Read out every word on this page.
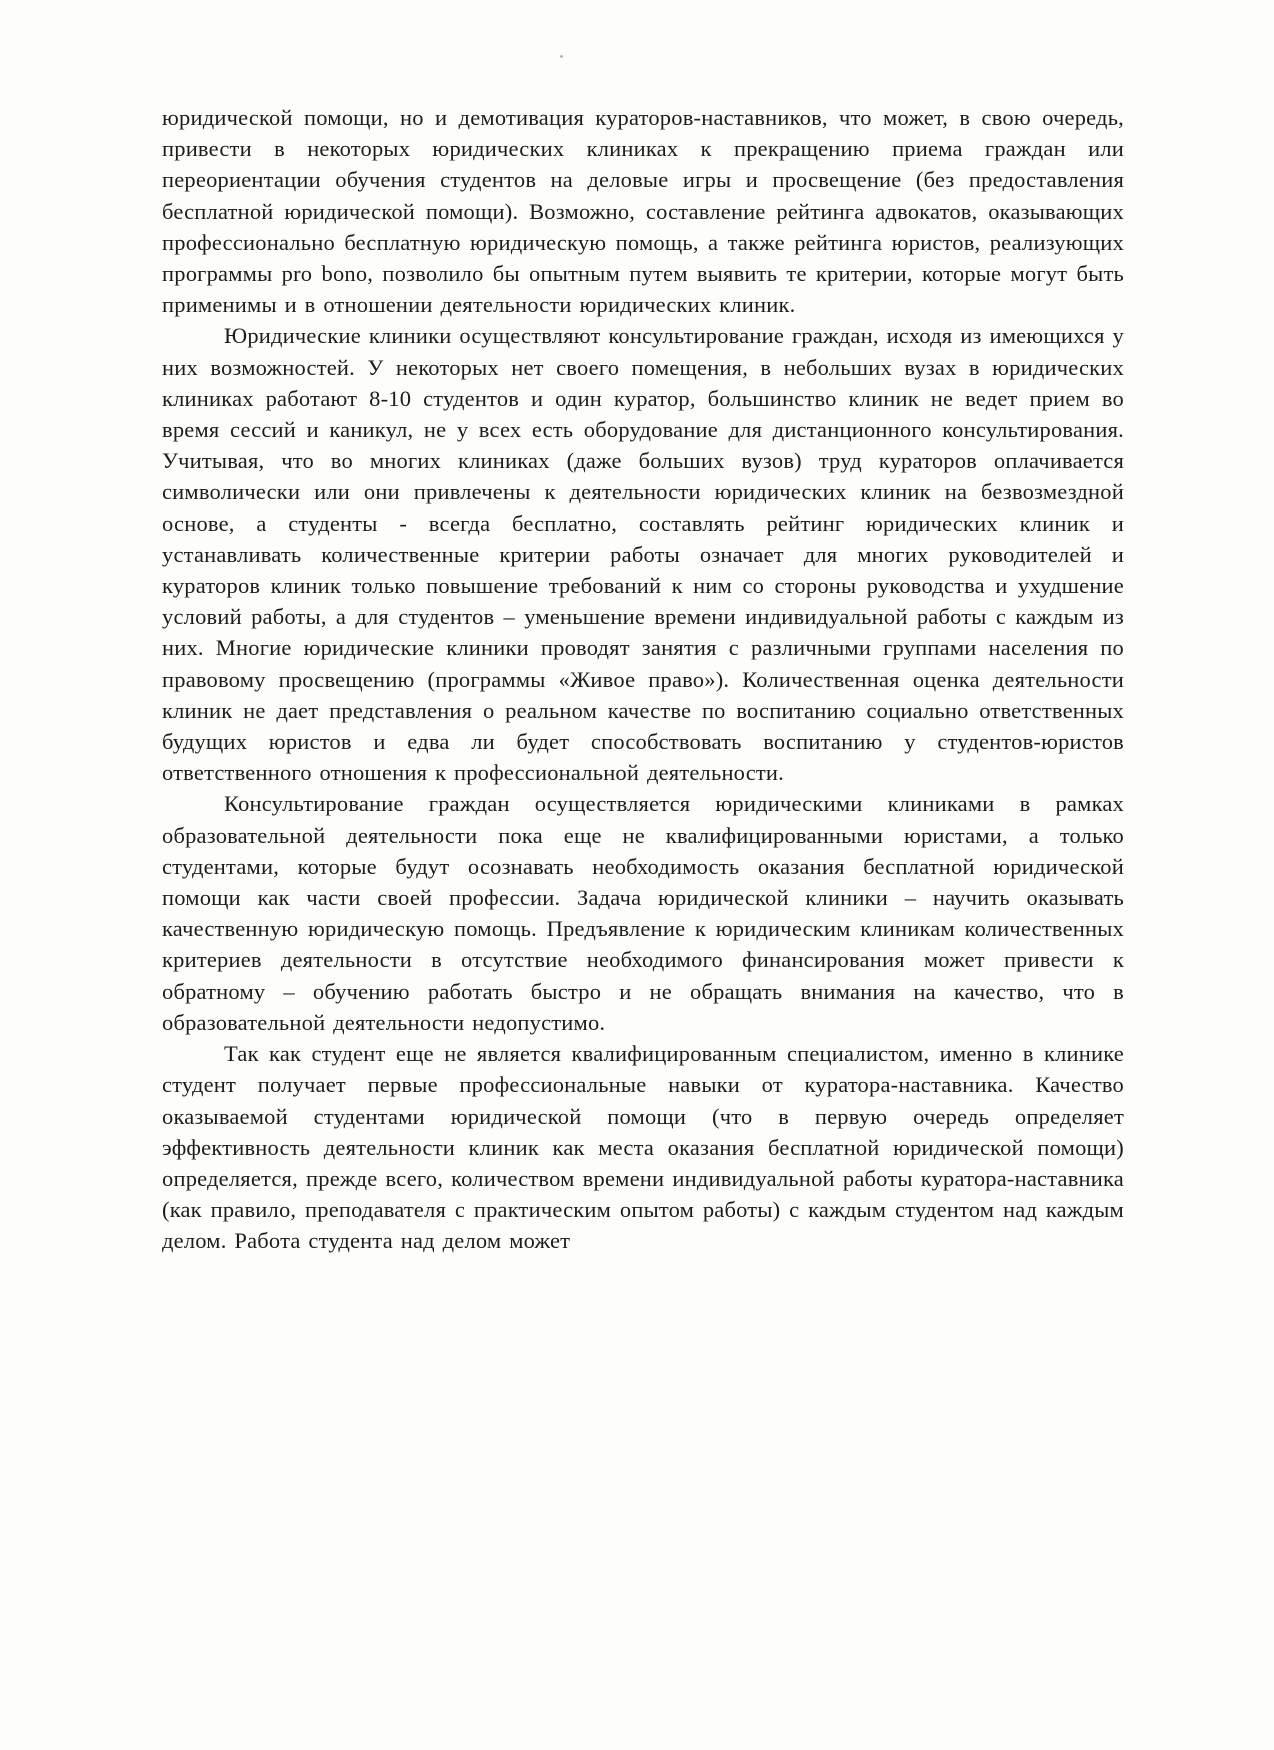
юридической помощи, но и демотивация кураторов-наставников, что может, в свою очередь, привести в некоторых юридических клиниках к прекращению приема граждан или переориентации обучения студентов на деловые игры и просвещение (без предоставления бесплатной юридической помощи). Возможно, составление рейтинга адвокатов, оказывающих профессионально бесплатную юридическую помощь, а также рейтинга юристов, реализующих программы pro bono, позволило бы опытным путем выявить те критерии, которые могут быть применимы и в отношении деятельности юридических клиник.

Юридические клиники осуществляют консультирование граждан, исходя из имеющихся у них возможностей. У некоторых нет своего помещения, в небольших вузах в юридических клиниках работают 8-10 студентов и один куратор, большинство клиник не ведет прием во время сессий и каникул, не у всех есть оборудование для дистанционного консультирования. Учитывая, что во многих клиниках (даже больших вузов) труд кураторов оплачивается символически или они привлечены к деятельности юридических клиник на безвозмездной основе, а студенты - всегда бесплатно, составлять рейтинг юридических клиник и устанавливать количественные критерии работы означает для многих руководителей и кураторов клиник только повышение требований к ним со стороны руководства и ухудшение условий работы, а для студентов – уменьшение времени индивидуальной работы с каждым из них. Многие юридические клиники проводят занятия с различными группами населения по правовому просвещению (программы «Живое право»). Количественная оценка деятельности клиник не дает представления о реальном качестве по воспитанию социально ответственных будущих юристов и едва ли будет способствовать воспитанию у студентов-юристов ответственного отношения к профессиональной деятельности.

Консультирование граждан осуществляется юридическими клиниками в рамках образовательной деятельности пока еще не квалифицированными юристами, а только студентами, которые будут осознавать необходимость оказания бесплатной юридической помощи как части своей профессии. Задача юридической клиники – научить оказывать качественную юридическую помощь. Предъявление к юридическим клиникам количественных критериев деятельности в отсутствие необходимого финансирования может привести к обратному – обучению работать быстро и не обращать внимания на качество, что в образовательной деятельности недопустимо.

Так как студент еще не является квалифицированным специалистом, именно в клинике студент получает первые профессиональные навыки от куратора-наставника. Качество оказываемой студентами юридической помощи (что в первую очередь определяет эффективность деятельности клиник как места оказания бесплатной юридической помощи) определяется, прежде всего, количеством времени индивидуальной работы куратора-наставника (как правило, преподавателя с практическим опытом работы) с каждым студентом над каждым делом. Работа студента над делом может
